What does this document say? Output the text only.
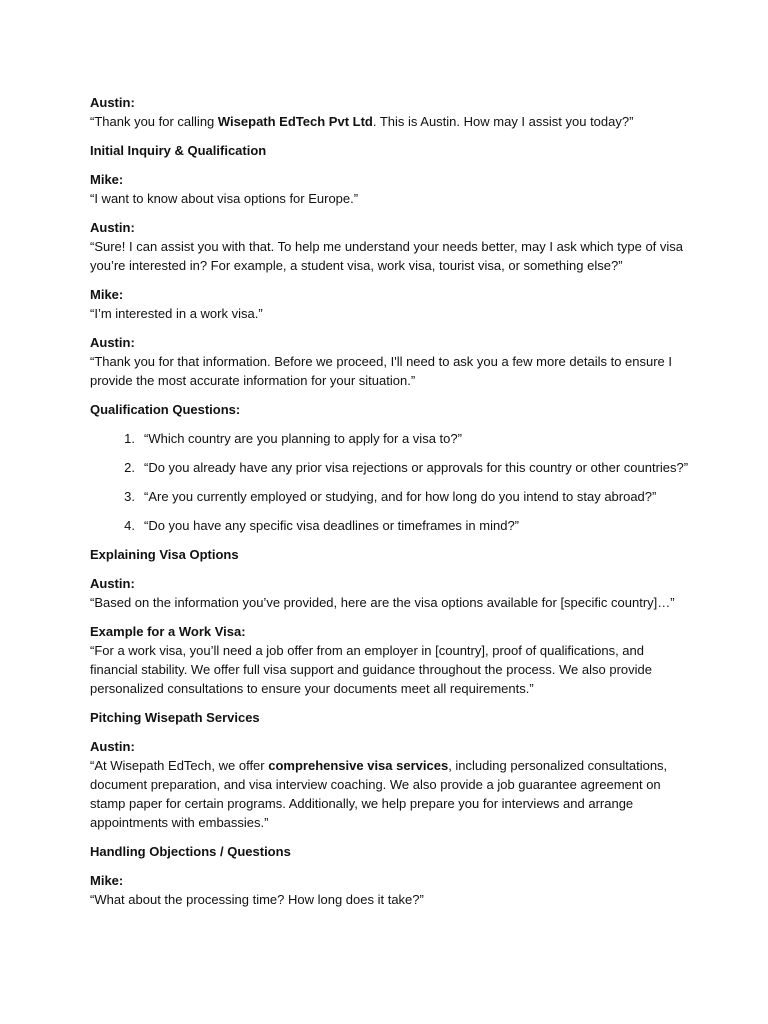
Austin:
“Thank you for calling Wisepath EdTech Pvt Ltd. This is Austin. How may I assist you today?”
Initial Inquiry & Qualification
Mike:
“I want to know about visa options for Europe.”
Austin:
“Sure! I can assist you with that. To help me understand your needs better, may I ask which type of visa
you’re interested in? For example, a student visa, work visa, tourist visa, or something else?”
Mike:
“I’m interested in a work visa.”
Austin:
“Thank you for that information. Before we proceed, I'll need to ask you a few more details to ensure I
provide the most accurate information for your situation.”
Qualification Questions:
1. “Which country are you planning to apply for a visa to?”
2. “Do you already have any prior visa rejections or approvals for this country or other countries?”
3. “Are you currently employed or studying, and for how long do you intend to stay abroad?”
4. “Do you have any specific visa deadlines or timeframes in mind?”
Explaining Visa Options
Austin:
“Based on the information you’ve provided, here are the visa options available for [specific country]…”
Example for a Work Visa:
“For a work visa, you’ll need a job offer from an employer in [country], proof of qualifications, and
financial stability. We offer full visa support and guidance throughout the process. We also provide
personalized consultations to ensure your documents meet all requirements.”
Pitching Wisepath Services
Austin:
“At Wisepath EdTech, we offer comprehensive visa services, including personalized consultations,
document preparation, and visa interview coaching. We also provide a job guarantee agreement on
stamp paper for certain programs. Additionally, we help prepare you for interviews and arrange
appointments with embassies.”
Handling Objections / Questions
Mike:
“What about the processing time? How long does it take?”
